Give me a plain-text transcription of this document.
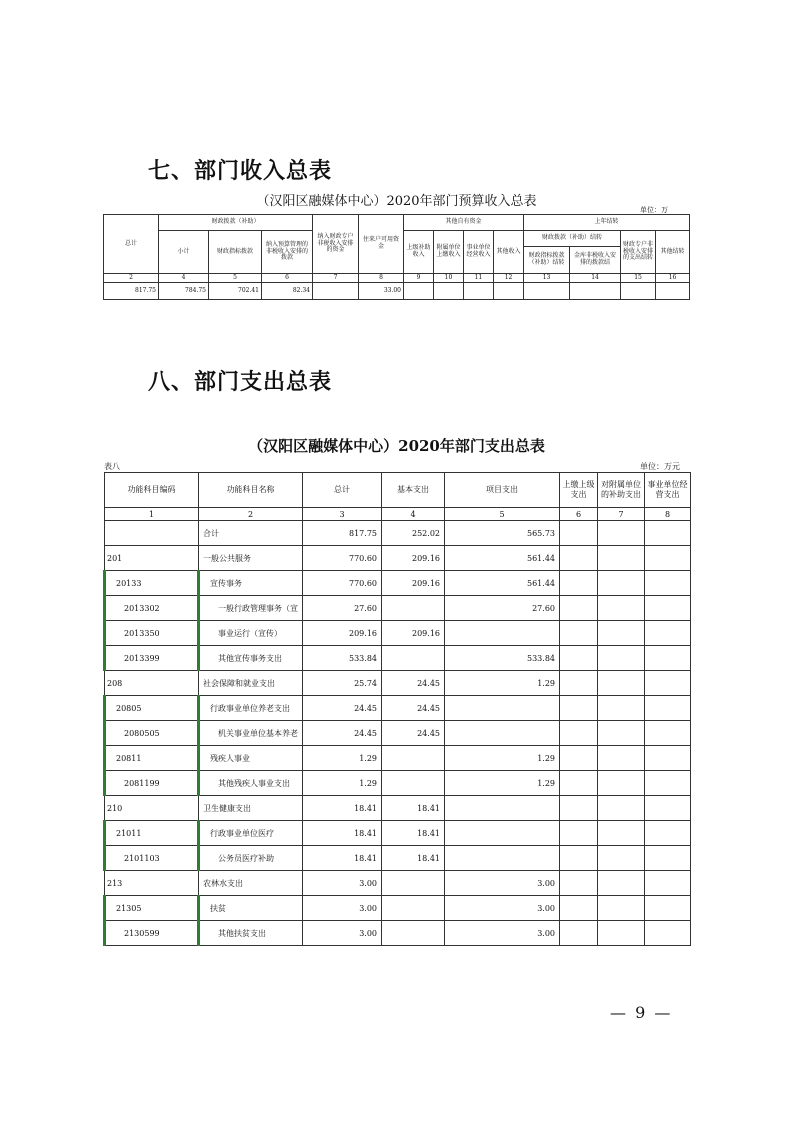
七、部门收入总表
（汉阳区融媒体中心）2020年部门预算收入总表
单位：万
总计	财政拨款（补助）			纳入财政专户非税收入安排的资金	住来户可用资金	其他自有资金				上年结转			
	小计	财政指标拨款	纳入预算管理的非税收入安排的拨款			上级补助收入	附属单位上缴收入	事业单位经营收入	其他收入	财政拨款（补助）结转		财政专户非税收入安排的支出结转	其他结转
										财政指标拨款（补助）结转	金库非税收入安排的拨款结		
2	4	5	6	7	8	9	10	11	12	13	14	15	16
817.75	784.75	702.41	82.34		33.00								
八、部门支出总表
（汉阳区融媒体中心）2020年部门支出总表
表八	单位：万元
功能科目编码	功能科目名称	总计	基本支出	项目支出	上缴上级支出	对附属单位的补助支出	事业单位经营支出
1	2	3	4	5	6	7	8
	合计	817.75	252.02	565.73			
201	一般公共服务	770.60	209.16	561.44			
20133	宣传事务	770.60	209.16	561.44			
2013302	一般行政管理事务（宣	27.60		27.60			
2013350	事业运行（宣传）	209.16	209.16				
2013399	其他宣传事务支出	533.84		533.84			
208	社会保障和就业支出	25.74	24.45	1.29			
20805	行政事业单位养老支出	24.45	24.45				
2080505	机关事业单位基本养老	24.45	24.45				
20811	残疾人事业	1.29		1.29			
2081199	其他残疾人事业支出	1.29		1.29			
210	卫生健康支出	18.41	18.41				
21011	行政事业单位医疗	18.41	18.41				
2101103	公务员医疗补助	18.41	18.41				
213	农林水支出	3.00		3.00			
21305	扶贫	3.00		3.00			
2130599	其他扶贫支出	3.00		3.00			
— 9 —
